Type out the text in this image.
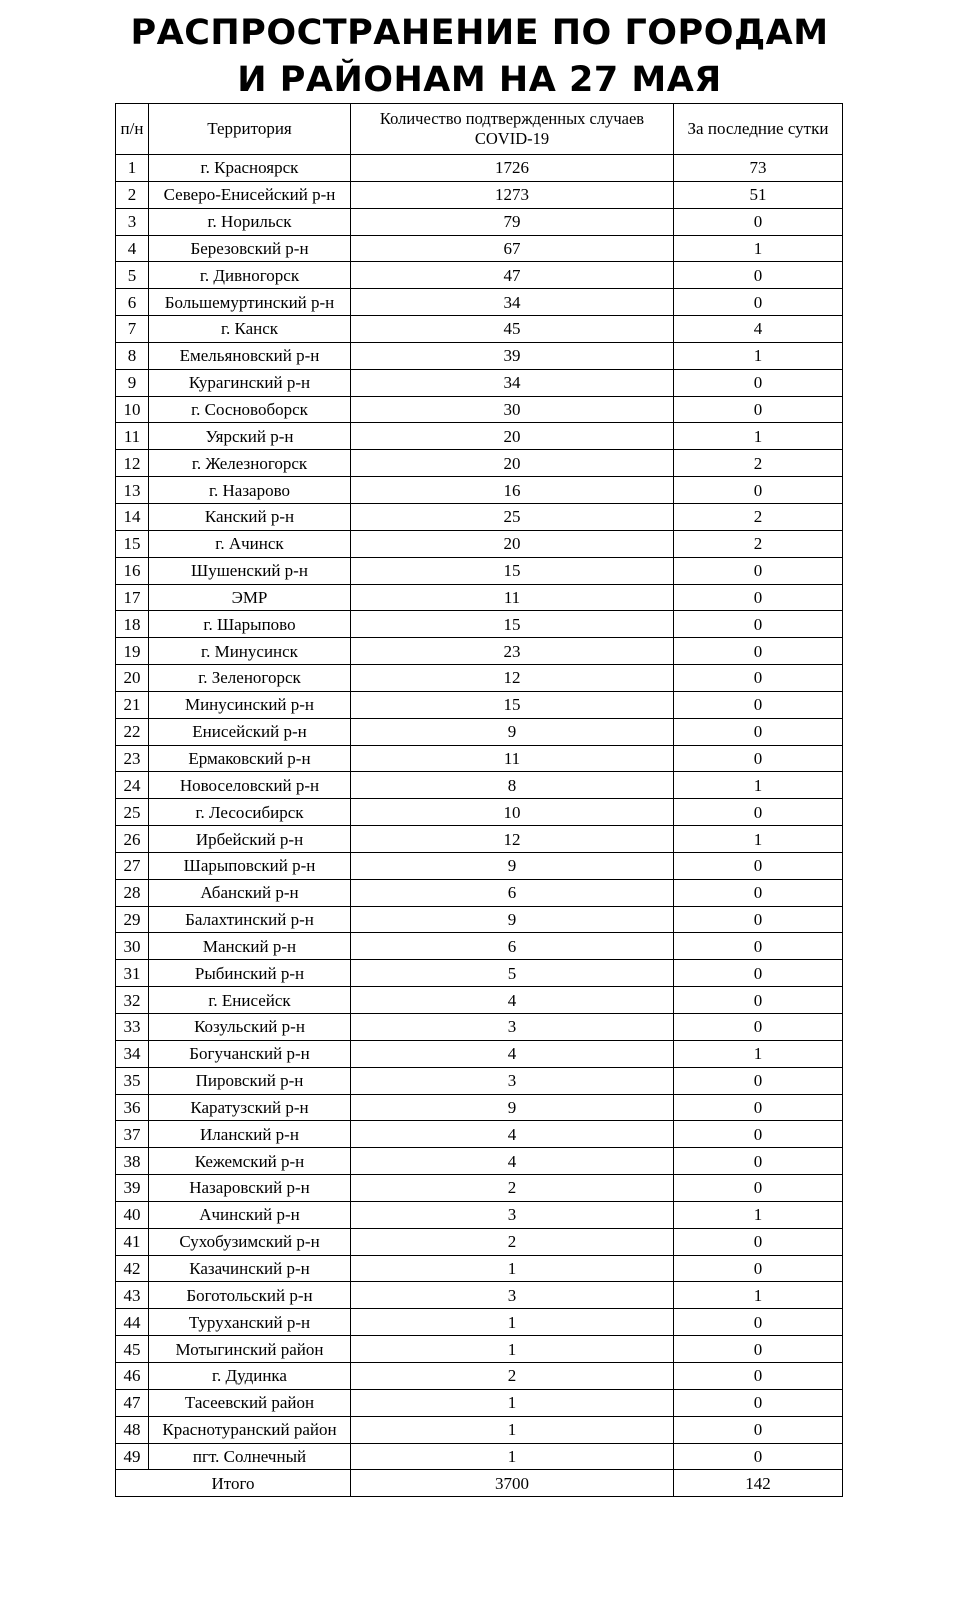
РАСПРОСТРАНЕНИЕ ПО ГОРОДАМ
И РАЙОНАМ НА 27 МАЯ
п/н	Территория	Количество подтвержденных случаев COVID-19	За последние сутки
1	г. Красноярск	1726	73
2	Северо-Енисейский р-н	1273	51
3	г. Норильск	79	0
4	Березовский р-н	67	1
5	г. Дивногорск	47	0
6	Большемуртинский р-н	34	0
7	г. Канск	45	4
8	Емельяновский р-н	39	1
9	Курагинский р-н	34	0
10	г. Сосновоборск	30	0
11	Уярский р-н	20	1
12	г. Железногорск	20	2
13	г. Назарово	16	0
14	Канский р-н	25	2
15	г. Ачинск	20	2
16	Шушенский р-н	15	0
17	ЭМР	11	0
18	г. Шарыпово	15	0
19	г. Минусинск	23	0
20	г. Зеленогорск	12	0
21	Минусинский р-н	15	0
22	Енисейский р-н	9	0
23	Ермаковский р-н	11	0
24	Новоселовский р-н	8	1
25	г. Лесосибирск	10	0
26	Ирбейский р-н	12	1
27	Шарыповский р-н	9	0
28	Абанский р-н	6	0
29	Балахтинский р-н	9	0
30	Манский р-н	6	0
31	Рыбинский р-н	5	0
32	г. Енисейск	4	0
33	Козульский р-н	3	0
34	Богучанский р-н	4	1
35	Пировский р-н	3	0
36	Каратузский р-н	9	0
37	Иланский р-н	4	0
38	Кежемский р-н	4	0
39	Назаровский р-н	2	0
40	Ачинский р-н	3	1
41	Сухобузимский р-н	2	0
42	Казачинский р-н	1	0
43	Боготольский р-н	3	1
44	Туруханский р-н	1	0
45	Мотыгинский район	1	0
46	г. Дудинка	2	0
47	Тасеевский район	1	0
48	Краснотуранский район	1	0
49	пгт. Солнечный	1	0
Итого		3700	142
